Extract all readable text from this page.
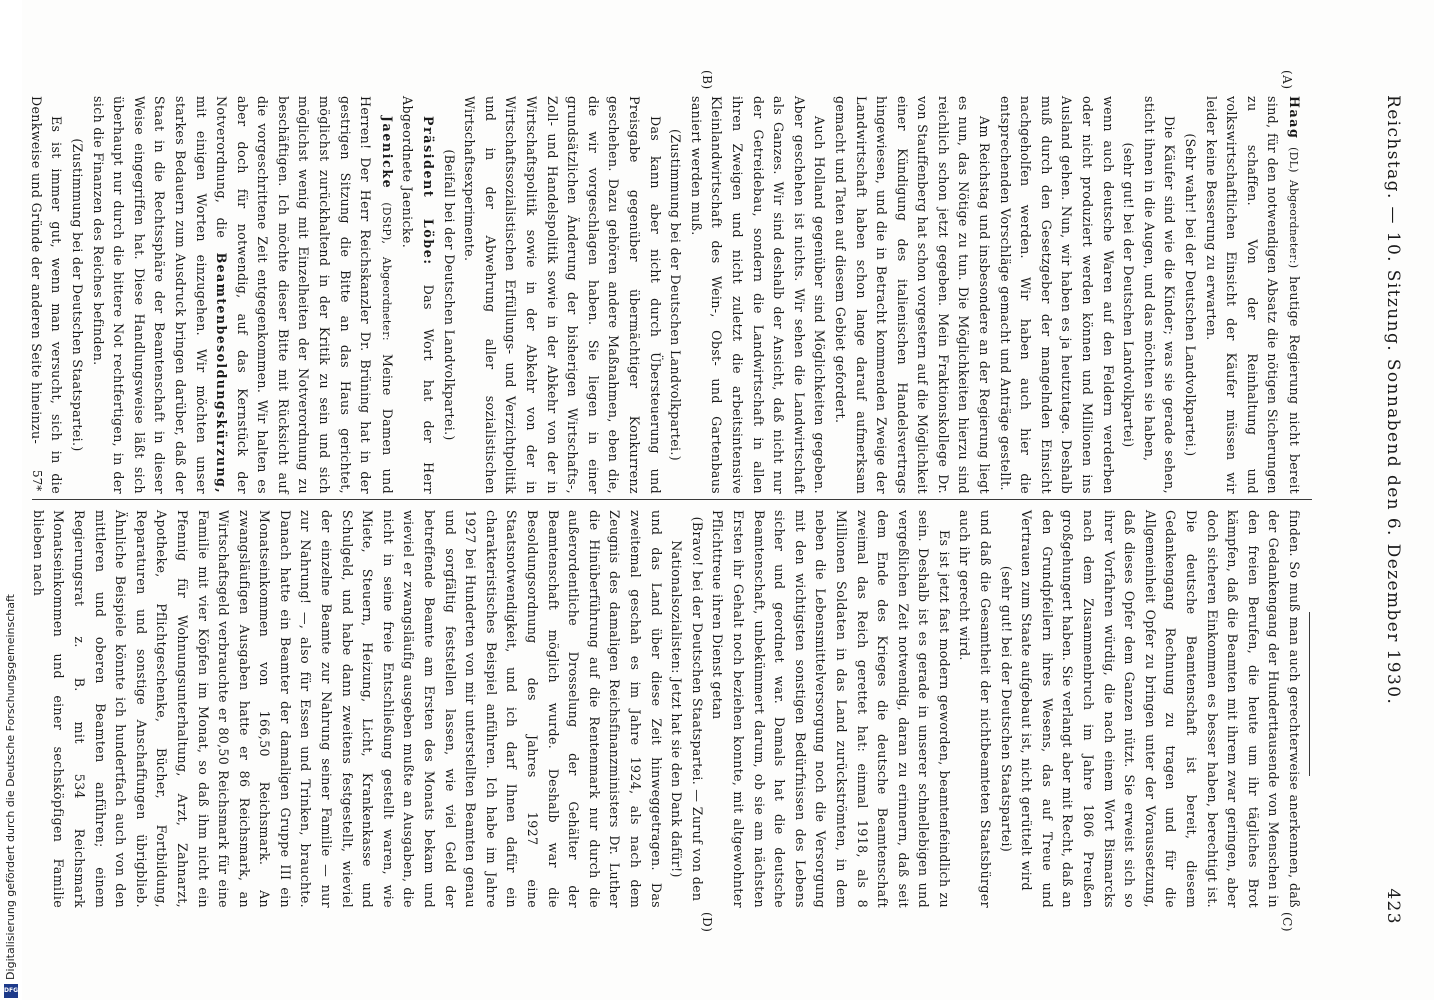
Reichstag. — 10. Sitzung. Sonnabend den 6. Dezember 1930.
423
(A)
(B)
(C)
(D)

Haag (DL) Abgeordneter:) heutige Regierung nicht bereit sind, für den notwendigen Absatz die nötigen Sicherungen zu schaffen. Von der Reinhaltung und volkswirtschaftlichen Einsicht der Käufer müssen wir leider keine Besserung zu erwarten.

(Sehr wahr! bei der Deutschen Landvolkpartei.)

Die Käufer sind wie die Kinder; was sie gerade sehen, sticht ihnen in die Augen, und das möchten sie haben,

(sehr gut! bei der Deutschen Landvolkpartei)

wenn auch deutsche Waren auf den Feldern verderben oder nicht produziert werden können und Millionen ins Ausland gehen. Nun, wir haben es ja heutzutage. Deshalb muß durch den Gesetzgeber der mangelnden Einsicht nachgeholfen werden. Wir haben auch hier die entsprechenden Vorschläge gemacht und Anträge gestellt.

Am Reichstag und insbesondere an der Regierung liegt es nun, das Nötige zu tun. Die Möglichkeiten hierzu sind reichlich schon jetzt gegeben. Mein Fraktionskollege Dr. von Stauffenberg hat schon vorgestern auf die Möglichkeit einer Kündigung des italienischen Handelsvertrags hingewiesen, und die in Betracht kommenden Zweige der Landwirtschaft haben schon lange darauf aufmerksam gemacht und Taten auf diesem Gebiet gefordert.

Auch Holland gegenüber sind Möglichkeiten gegeben. Aber geschehen ist nichts. Wir sehen die Landwirtschaft als Ganzes. Wir sind deshalb der Ansicht, daß nicht nur der Getreidebau, sondern die Landwirtschaft in allen ihren Zweigen und nicht zuletzt die arbeitsintensive Kleinlandwirtschaft des Wein-, Obst- und Gartenbaus saniert werden muß.

(Zustimmung bei der Deutschen Landvolkpartei.)

Das kann aber nicht durch Übersteuerung und Preisgabe gegenüber übermächtiger Konkurrenz geschehen. Dazu gehören andere Maßnahmen, eben die, die wir vorgeschlagen haben. Sie liegen in einer grundsätzlichen Änderung der bisherigen Wirtschafts-, Zoll- und Handelspolitik sowie in der Abkehr von der in Wirtschaftspolitik sowie in der Abkehr von der in Wirtschaftssozialistischen Erfüllungs- und Verzichtpolitik und in der Abwehrung aller sozialistischen Wirtschaftsexperimente.

(Beifall bei der Deutschen Landvolkpartei.)

Präsident Löbe: Das Wort hat der Herr Abgeordnete Jaenicke.

Jaenicke (DStP), Abgeordneter: Meine Damen und Herren! Der Herr Reichskanzler Dr. Brüning hat in der gestrigen Sitzung die Bitte an das Haus gerichtet, möglichst zurückhaltend in der Kritik zu sein und sich möglichst wenig mit Einzelheiten der Notverordnung zu beschäftigen. Ich möchte dieser Bitte mit Rücksicht auf die vorgeschrittene Zeit entgegenkommen. Wir halten es aber doch für notwendig, auf das Kernstück der Notverordnung, die Beamtenbesoldungskürzung, mit einigen Worten einzugehen. Wir möchten unser starkes Bedauern zum Ausdruck bringen darüber, daß der Staat in die Rechtssphäre der Beamtenschaft in dieser Weise eingegriffen hat. Diese Handlungsweise läßt sich überhaupt nur durch die bittere Not rechtfertigen, in der sich die Finanzen des Reiches befinden.

(Zustimmung bei der Deutschen Staatspartei.)

Es ist immer gut, wenn man versucht, sich in die Denkweise und Gründe der anderen Seite hineinzu-

finden. So muß man auch gerechterweise anerkennen, daß der Gedankengang der Hunderttausende von Menschen in den freien Berufen, die heute um ihr tägliches Brot kämpfen, daß die Beamten mit ihrem zwar geringen, aber doch sicheren Einkommen es besser haben, berechtigt ist. Die deutsche Beamtenschaft ist bereit, diesem Gedankengang Rechnung zu tragen und für die Allgemeinheit Opfer zu bringen unter der Voraussetzung, daß dieses Opfer dem Ganzen nützt. Sie erweist sich so ihrer Vorfahren würdig, die nach einem Wort Bismarcks nach dem Zusammenbruch im Jahre 1806 Preußen großgehungert haben. Sie verlangt aber mit Recht, daß an den Grundpfeilern ihres Wesens, das auf Treue und Vertrauen zum Staate aufgebaut ist, nicht gerüttelt wird

(sehr gut! bei der Deutschen Staatspartei)

und daß die Gesamtheit der nichtbeamteten Staatsbürger auch ihr gerecht wird.

Es ist jetzt fast modern geworden, beamtenfeindlich zu sein. Deshalb ist es gerade in unserer schnellebigen und vergeßlichen Zeit notwendig, daran zu erinnern, daß seit dem Ende des Krieges die deutsche Beamtenschaft zweimal das Reich gerettet hat: einmal 1918, als 8 Millionen Soldaten in das Land zurückströmten, in dem neben die Lebensmittelversorgung noch die Versorgung mit den wichtigsten sonstigen Bedürfnissen des Lebens sicher und geordnet war. Damals hat die deutsche Beamtenschaft, unbekümmert darum, ob sie am nächsten Ersten ihr Gehalt noch beziehen konnte, mit altgewohnter Pflichttreue ihren Dienst getan

(Bravo! bei der Deutschen Staatspartei. — Zuruf von den Nationalsozialisten: Jetzt hat sie den Dank dafür!)

und das Land über diese Zeit hinweggetragen. Das zweitemal geschah es im Jahre 1924, als nach dem Zeugnis des damaligen Reichsfinanzministers Dr. Luther die Hinüberführung auf die Rentenmark nur durch die außerordentliche Drosselung der Gehälter der Beamtenschaft möglich wurde. Deshalb war die Besoldungsordnung des Jahres 1927 eine Staatsnotwendigkeit, und ich darf Ihnen dafür ein charakteristisches Beispiel anführen. Ich habe im Jahre 1927 bei Hunderten von mir unterstellten Beamten genau und sorgfältig feststellen lassen, wie viel Geld der betreffende Beamte am Ersten des Monats bekam und wieviel er zwangsläufig ausgeben mußte an Ausgaben, die nicht in seine freie Entschließung gestellt waren, wie Miete, Steuern, Heizung, Licht, Krankenkasse und Schulgeld, und habe dann zweitens festgestellt, wieviel der einzelne Beamte zur Nahrung seiner Familie — nur zur Nahrung! —, also für Essen und Trinken, brauchte. Danach hatte ein Beamter der damaligen Gruppe III ein Monatseinkommen von 166,50 Reichsmark. An zwangsläufigen Ausgaben hatte er 86 Reichsmark, an Wirtschaftsgeld verbrauchte er 80,50 Reichsmark für eine Familie mit vier Köpfen im Monat, so daß ihm nicht ein Pfennig für Wohnungsunterhaltung, Arzt, Zahnarzt, Apotheke, Pflichtgeschenke, Bücher, Fortbildung, Reparaturen und sonstige Anschaffungen übrigblieb. Ähnliche Beispiele könnte ich hundertfach auch von den mittleren und oberen Beamten anführen; einem Regierungsrat z. B. mit 534 Reichsmark Monatseinkommen und einer sechsköpfigen Familie blieben nach

57*
Digitalisierung gefördert durch die Deutsche Forschungsgemeinschaft
DFG
